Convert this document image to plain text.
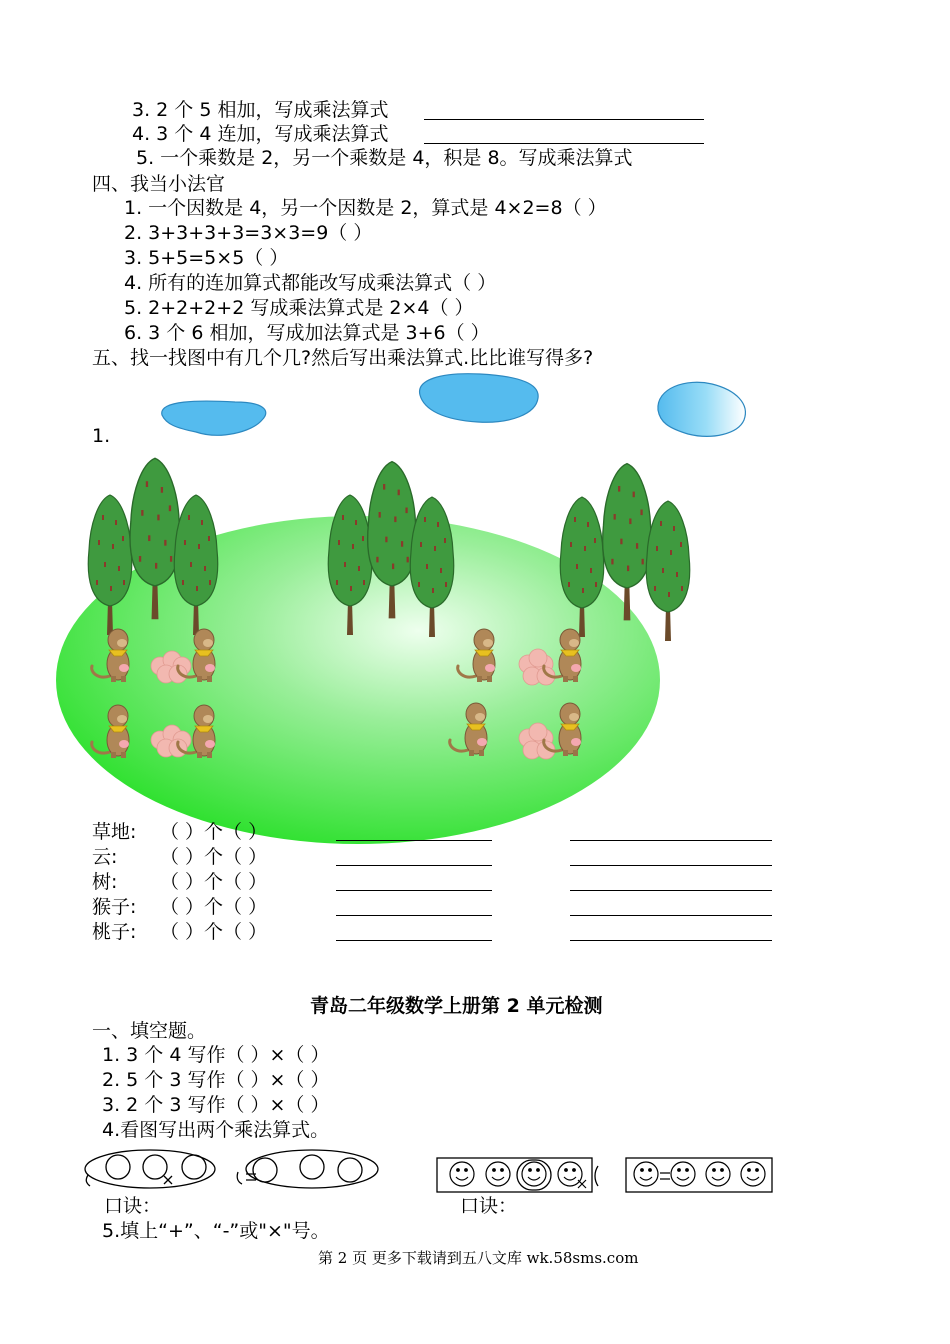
3. 2 个 5 相加，写成乘法算式
4. 3 个 4 连加，写成乘法算式
5. 一个乘数是 2，另一个乘数是 4，积是 8。写成乘法算式
四、我当小法官
1. 一个因数是 4，另一个因数是 2，算式是 4×2=8（ ）
2. 3+3+3+3=3×3=9（ ）
3. 5+5=5×5（ ）
4. 所有的连加算式都能改写成乘法算式（ ）
5. 2+2+2+2 写成乘法算式是 2×4（ ）
6. 3 个 6 相加，写成加法算式是 3+6（ ）
五、找一找图中有几个几?然后写出乘法算式.比比谁写得多?
1.
草地: （ ）个（ ）
云: （ ）个（ ）
树: （ ）个（ ）
猴子: （ ）个（ ）
桃子: （ ）个（ ）
青岛二年级数学上册第 2 单元检测
一、填空题。
1. 3 个 4 写作（ ）×（ ）
2. 5 个 3 写作（ ）×（ ）
3. 2 个 3 写作（ ）×（ ）
4.看图写出两个乘法算式。
口诀：	口诀：
5.填上“+”、“-”或"×"号。
第 2 页 更多下载请到五八文库 wk.58sms.com
